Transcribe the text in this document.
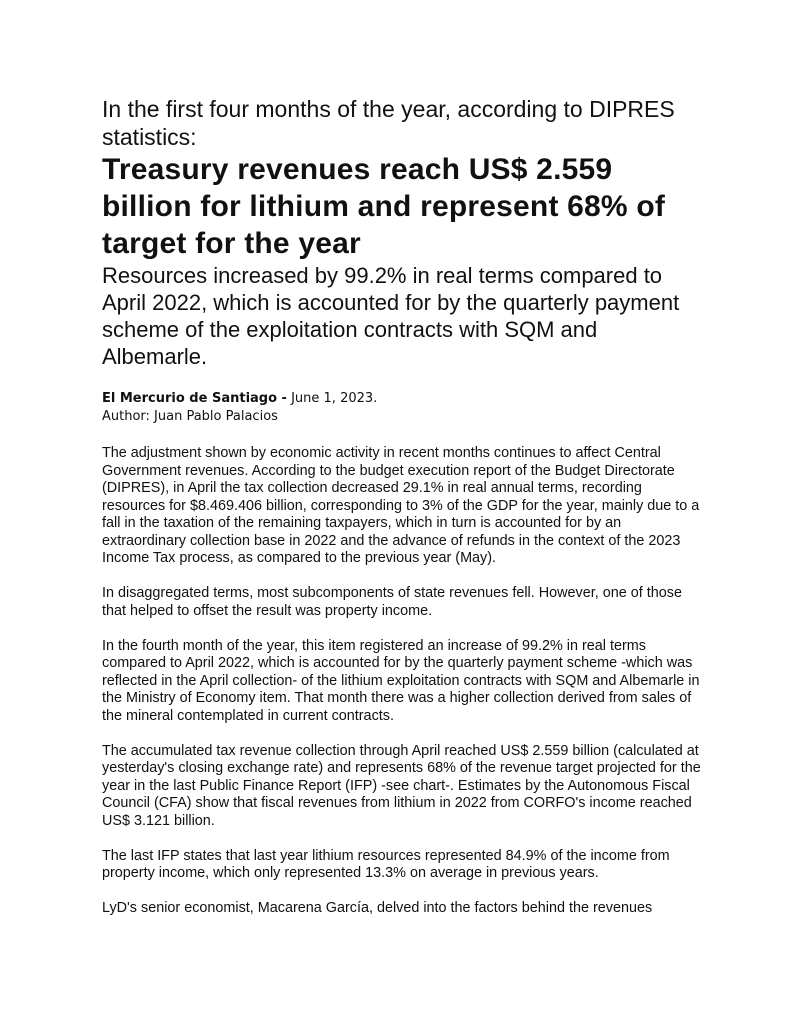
In the first four months of the year, according to DIPRES statistics:
Treasury revenues reach US$ 2.559 billion for lithium and represent 68% of target for the year
Resources increased by 99.2% in real terms compared to April 2022, which is accounted for by the quarterly payment scheme of the exploitation contracts with SQM and Albemarle.
El Mercurio de Santiago - June 1, 2023.
Author: Juan Pablo Palacios

The adjustment shown by economic activity in recent months continues to affect Central Government revenues. According to the budget execution report of the Budget Directorate (DIPRES), in April the tax collection decreased 29.1% in real annual terms, recording resources for $8.469.406 billion, corresponding to 3% of the GDP for the year, mainly due to a fall in the taxation of the remaining taxpayers, which in turn is accounted for by an extraordinary collection base in 2022 and the advance of refunds in the context of the 2023 Income Tax process, as compared to the previous year (May).

In disaggregated terms, most subcomponents of state revenues fell. However, one of those that helped to offset the result was property income.

In the fourth month of the year, this item registered an increase of 99.2% in real terms compared to April 2022, which is accounted for by the quarterly payment scheme -which was reflected in the April collection- of the lithium exploitation contracts with SQM and Albemarle in the Ministry of Economy item. That month there was a higher collection derived from sales of the mineral contemplated in current contracts.

The accumulated tax revenue collection through April reached US$ 2.559 billion (calculated at yesterday's closing exchange rate) and represents 68% of the revenue target projected for the year in the last Public Finance Report (IFP) -see chart-. Estimates by the Autonomous Fiscal Council (CFA) show that fiscal revenues from lithium in 2022 from CORFO's income reached US$ 3.121 billion.

The last IFP states that last year lithium resources represented 84.9% of the income from property income, which only represented 13.3% on average in previous years.

LyD's senior economist, Macarena García, delved into the factors behind the revenues
